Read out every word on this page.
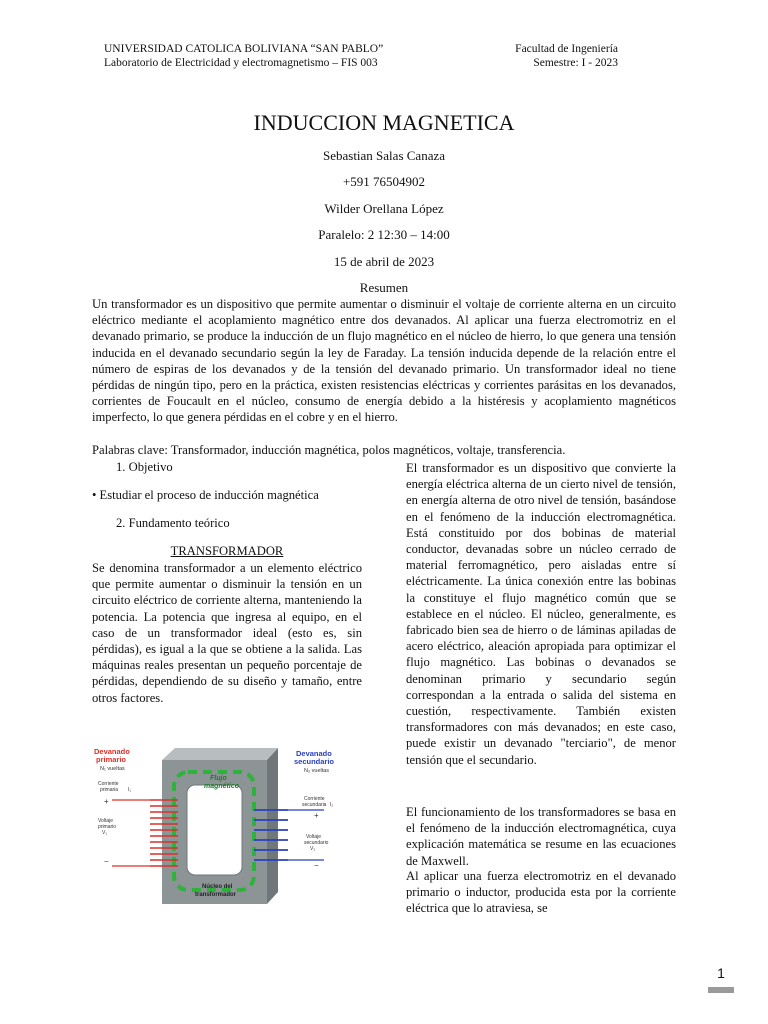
UNIVERSIDAD CATOLICA BOLIVIANA “SAN PABLO”
Laboratorio de Electricidad y electromagnetismo – FIS 003
Facultad de Ingeniería
Semestre: I - 2023
INDUCCION MAGNETICA
Sebastian Salas Canaza
+591 76504902
Wilder Orellana López
Paralelo: 2 12:30 – 14:00
15 de abril de 2023
Resumen

Un transformador es un dispositivo que permite aumentar o disminuir el voltaje de corriente alterna en un circuito eléctrico mediante el acoplamiento magnético entre dos devanados. Al aplicar una fuerza electromotriz en el devanado primario, se produce la inducción de un flujo magnético en el núcleo de hierro, lo que genera una tensión inducida en el devanado secundario según la ley de Faraday. La tensión inducida depende de la relación entre el número de espiras de los devanados y de la tensión del devanado primario. Un transformador ideal no tiene pérdidas de ningún tipo, pero en la práctica, existen resistencias eléctricas y corrientes parásitas en los devanados, corrientes de Foucault en el núcleo, consumo de energía debido a la histéresis y acoplamiento magnéticos imperfecto, lo que genera pérdidas en el cobre y en el hierro.

Palabras clave: Transformador, inducción magnética, polos magnéticos, voltaje, transferencia.
1. Objetivo
• Estudiar el proceso de inducción magnética
2. Fundamento teórico
TRANSFORMADOR

Se denomina transformador a un elemento eléctrico que permite aumentar o disminuir la tensión en un circuito eléctrico de corriente alterna, manteniendo la potencia. La potencia que ingresa al equipo, en el caso de un transformador ideal (esto es, sin pérdidas), es igual a la que se obtiene a la salida. Las máquinas reales presentan un pequeño porcentaje de pérdidas, dependiendo de su diseño y tamaño, entre otros factores.

Flujo
magnético
Devanado
primario
N₁ vueltas
Corriente
primaria I₁
+
Voltaje
primario
V₁
−
Devanado
secundario
N₂ vueltas
Corriente
secundaria I₂
+
Voltaje
secundario
V₂
−
Núcleo del
transformador

El transformador es un dispositivo que convierte la energía eléctrica alterna de un cierto nivel de tensión, en energía alterna de otro nivel de tensión, basándose en el fenómeno de la inducción electromagnética. Está constituido por dos bobinas de material conductor, devanadas sobre un núcleo cerrado de material ferromagnético, pero aisladas entre sí eléctricamente. La única conexión entre las bobinas la constituye el flujo magnético común que se establece en el núcleo. El núcleo, generalmente, es fabricado bien sea de hierro o de láminas apiladas de acero eléctrico, aleación apropiada para optimizar el flujo magnético. Las bobinas o devanados se denominan primario y secundario según correspondan a la entrada o salida del sistema en cuestión, respectivamente. También existen transformadores con más devanados; en este caso, puede existir un devanado "terciario", de menor tensión que el secundario.

El funcionamiento de los transformadores se basa en el fenómeno de la inducción electromagnética, cuya explicación matemática se resume en las ecuaciones de Maxwell.

Al aplicar una fuerza electromotriz en el devanado primario o inductor, producida esta por la corriente eléctrica que lo atraviesa, se

1
